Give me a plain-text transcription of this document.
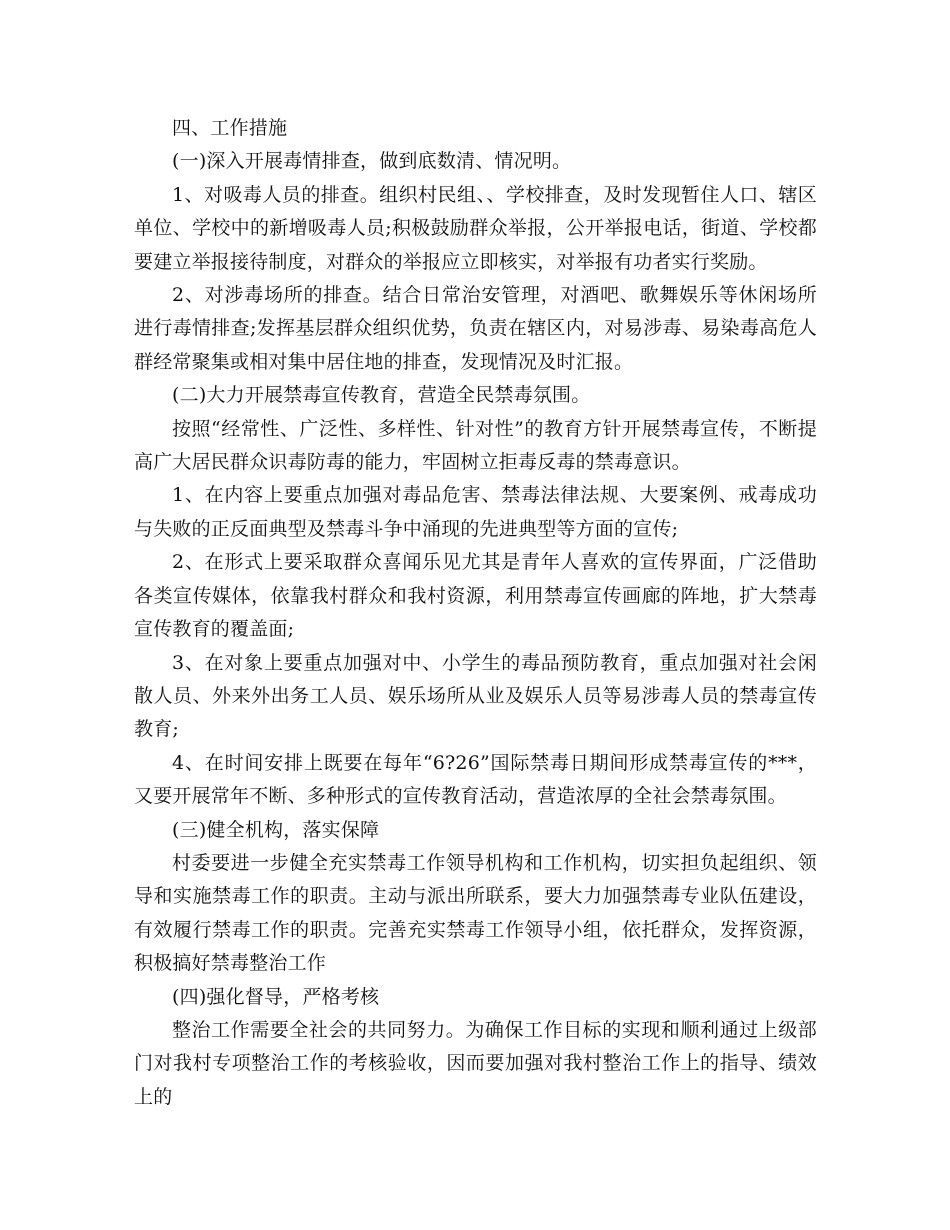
四、工作措施

(一)深入开展毒情排查，做到底数清、情况明。

1、对吸毒人员的排查。组织村民组、、学校排查，及时发现暂住人口、辖区单位、学校中的新增吸毒人员;积极鼓励群众举报，公开举报电话，街道、学校都要建立举报接待制度，对群众的举报应立即核实，对举报有功者实行奖励。

2、对涉毒场所的排查。结合日常治安管理，对酒吧、歌舞娱乐等休闲场所进行毒情排查;发挥基层群众组织优势，负责在辖区内，对易涉毒、易染毒高危人群经常聚集或相对集中居住地的排查，发现情况及时汇报。

(二)大力开展禁毒宣传教育，营造全民禁毒氛围。

按照“经常性、广泛性、多样性、针对性”的教育方针开展禁毒宣传，不断提高广大居民群众识毒防毒的能力，牢固树立拒毒反毒的禁毒意识。

1、在内容上要重点加强对毒品危害、禁毒法律法规、大要案例、戒毒成功与失败的正反面典型及禁毒斗争中涌现的先进典型等方面的宣传;

2、在形式上要采取群众喜闻乐见尤其是青年人喜欢的宣传界面，广泛借助各类宣传媒体，依靠我村群众和我村资源，利用禁毒宣传画廊的阵地，扩大禁毒宣传教育的覆盖面;

3、在对象上要重点加强对中、小学生的毒品预防教育，重点加强对社会闲散人员、外来外出务工人员、娱乐场所从业及娱乐人员等易涉毒人员的禁毒宣传教育;

4、在时间安排上既要在每年“6?26”国际禁毒日期间形成禁毒宣传的***，又要开展常年不断、多种形式的宣传教育活动，营造浓厚的全社会禁毒氛围。

(三)健全机构，落实保障

村委要进一步健全充实禁毒工作领导机构和工作机构，切实担负起组织、领导和实施禁毒工作的职责。主动与派出所联系，要大力加强禁毒专业队伍建设，有效履行禁毒工作的职责。完善充实禁毒工作领导小组，依托群众，发挥资源，积极搞好禁毒整治工作

(四)强化督导，严格考核

整治工作需要全社会的共同努力。为确保工作目标的实现和顺利通过上级部门对我村专项整治工作的考核验收，因而要加强对我村整治工作上的指导、绩效上的
